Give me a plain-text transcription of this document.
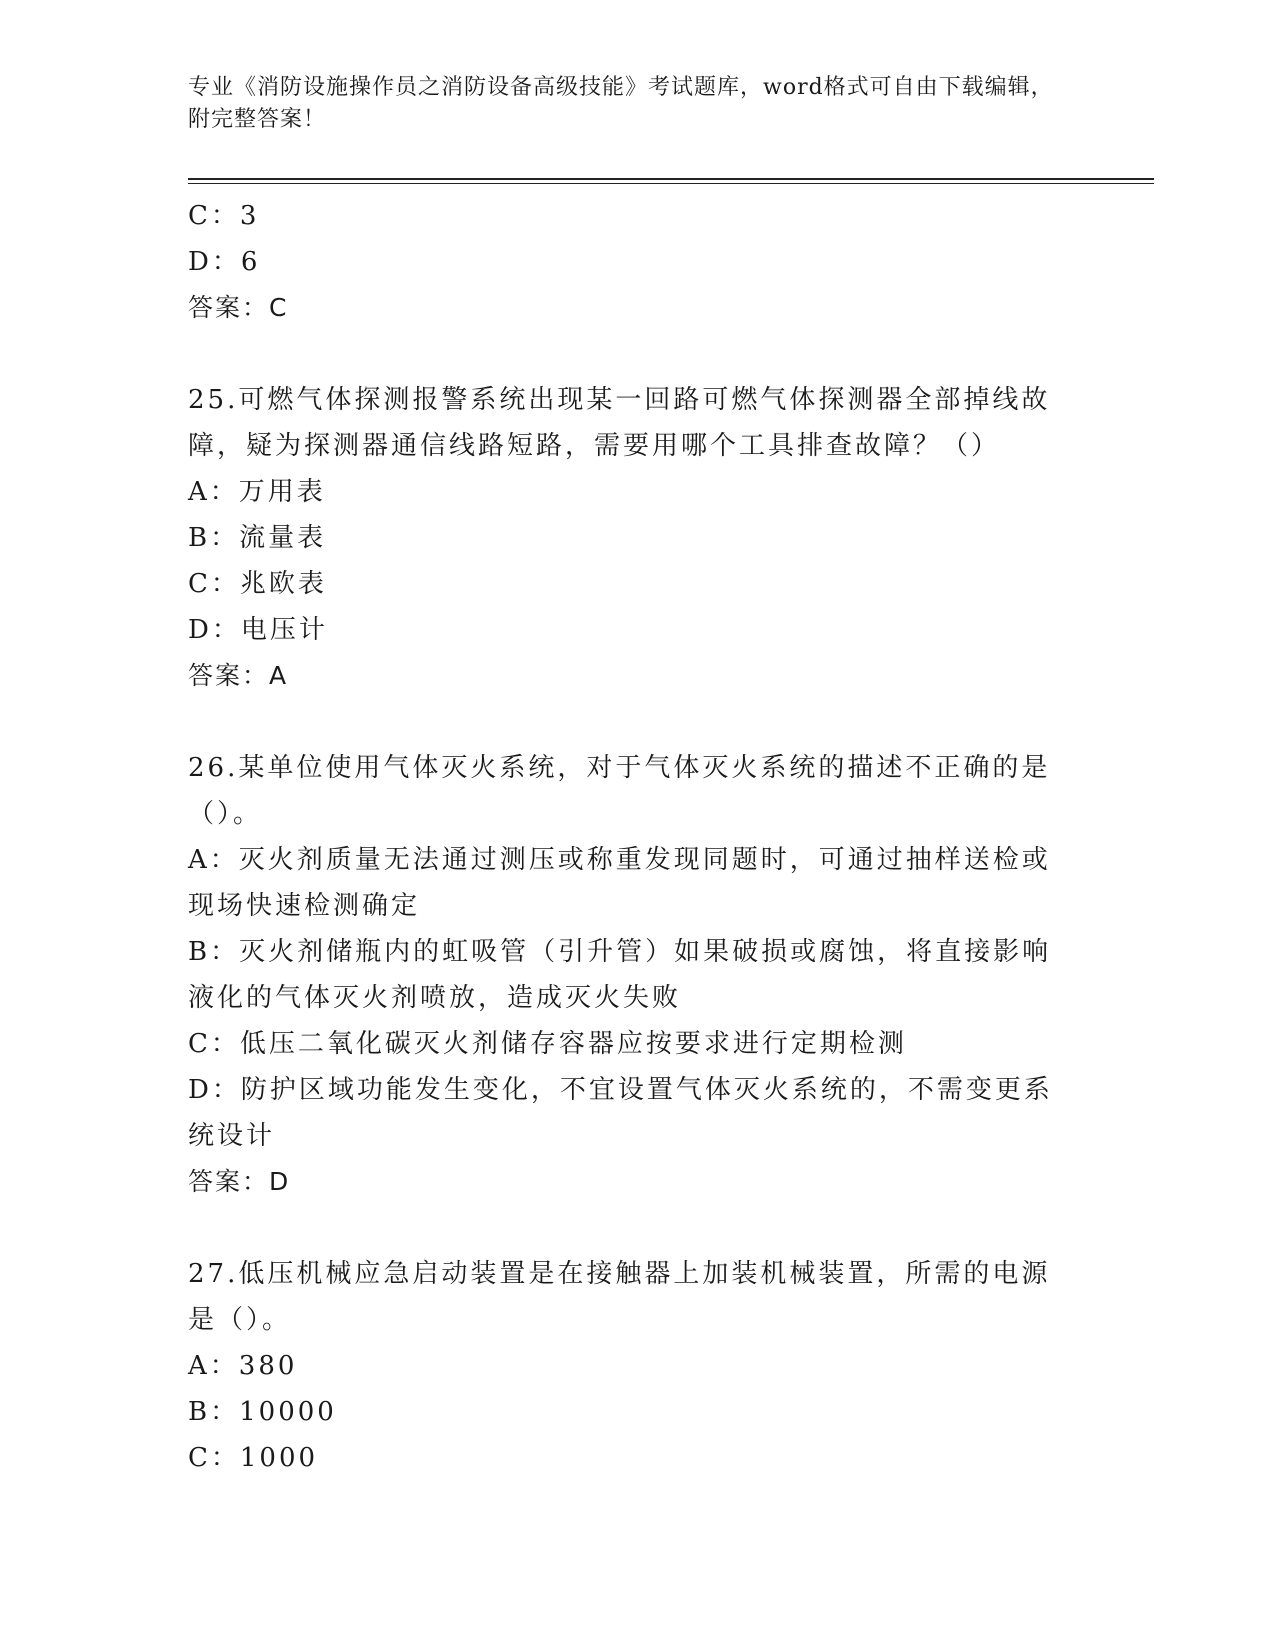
专业《消防设施操作员之消防设备高级技能》考试题库，word格式可自由下载编辑，附完整答案！
C：3
D：6
答案：C
25.可燃气体探测报警系统出现某一回路可燃气体探测器全部掉线故障，疑为探测器通信线路短路，需要用哪个工具排查故障？（）
A：万用表
B：流量表
C：兆欧表
D：电压计
答案：A
26.某单位使用气体灭火系统，对于气体灭火系统的描述不正确的是（）。
A：灭火剂质量无法通过测压或称重发现同题时，可通过抽样送检或现场快速检测确定
B：灭火剂储瓶内的虹吸管（引升管）如果破损或腐蚀，将直接影响液化的气体灭火剂喷放，造成灭火失败
C：低压二氧化碳灭火剂储存容器应按要求进行定期检测
D：防护区域功能发生变化，不宜设置气体灭火系统的，不需变更系统设计
答案：D
27.低压机械应急启动装置是在接触器上加装机械装置，所需的电源是（）。
A：380
B：10000
C：1000
